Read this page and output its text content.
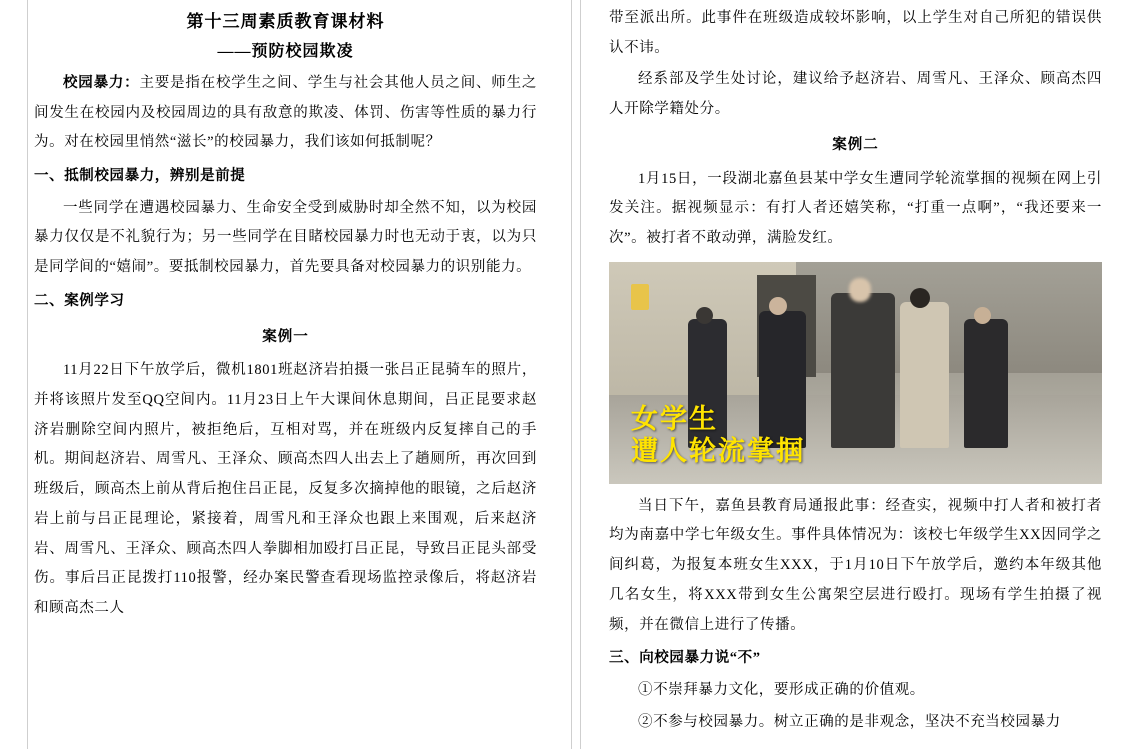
第十三周素质教育课材料
——预防校园欺凌

校园暴力：主要是指在校学生之间、学生与社会其他人员之间、师生之间发生在校园内及校园周边的具有敌意的欺凌、体罚、伤害等性质的暴力行为。对在校园里悄然“滋长”的校园暴力，我们该如何抵制呢？

一、抵制校园暴力，辨别是前提

一些同学在遭遇校园暴力、生命安全受到威胁时却全然不知，以为校园暴力仅仅是不礼貌行为；另一些同学在目睹校园暴力时也无动于衷，以为只是同学间的“嬉闹”。要抵制校园暴力，首先要具备对校园暴力的识别能力。

二、案例学习
案例一

11月22日下午放学后，微机1801班赵济岩拍摄一张吕正昆骑车的照片，并将该照片发至QQ空间内。11月23日上午大课间休息期间，吕正昆要求赵济岩删除空间内照片，被拒绝后，互相对骂，并在班级内反复摔自己的手机。期间赵济岩、周雪凡、王泽众、顾高杰四人出去上了趟厕所，再次回到班级后，顾高杰上前从背后抱住吕正昆，反复多次摘掉他的眼镜，之后赵济岩上前与吕正昆理论，紧接着，周雪凡和王泽众也跟上来围观，后来赵济岩、周雪凡、王泽众、顾高杰四人拳脚相加殴打吕正昆，导致吕正昆头部受伤。事后吕正昆拨打110报警，经办案民警查看现场监控录像后，将赵济岩和顾高杰二人

带至派出所。此事件在班级造成较坏影响，以上学生对自己所犯的错误供认不讳。

经系部及学生处讨论，建议给予赵济岩、周雪凡、王泽众、顾高杰四人开除学籍处分。

案例二

1月15日，一段湖北嘉鱼县某中学女生遭同学轮流掌掴的视频在网上引发关注。据视频显示：有打人者还嬉笑称，“打重一点啊”，“我还要来一次”。被打者不敢动弹，满脸发红。

女学生
遭人轮流掌掴

当日下午，嘉鱼县教育局通报此事：经查实，视频中打人者和被打者均为南嘉中学七年级女生。事件具体情况为：该校七年级学生XX因同学之间纠葛，为报复本班女生XXX，于1月10日下午放学后，邀约本年级其他几名女生，将XXX带到女生公寓架空层进行殴打。现场有学生拍摄了视频，并在微信上进行了传播。

三、向校园暴力说“不”

①不崇拜暴力文化，要形成正确的价值观。

②不参与校园暴力。树立正确的是非观念，坚决不充当校园暴力
